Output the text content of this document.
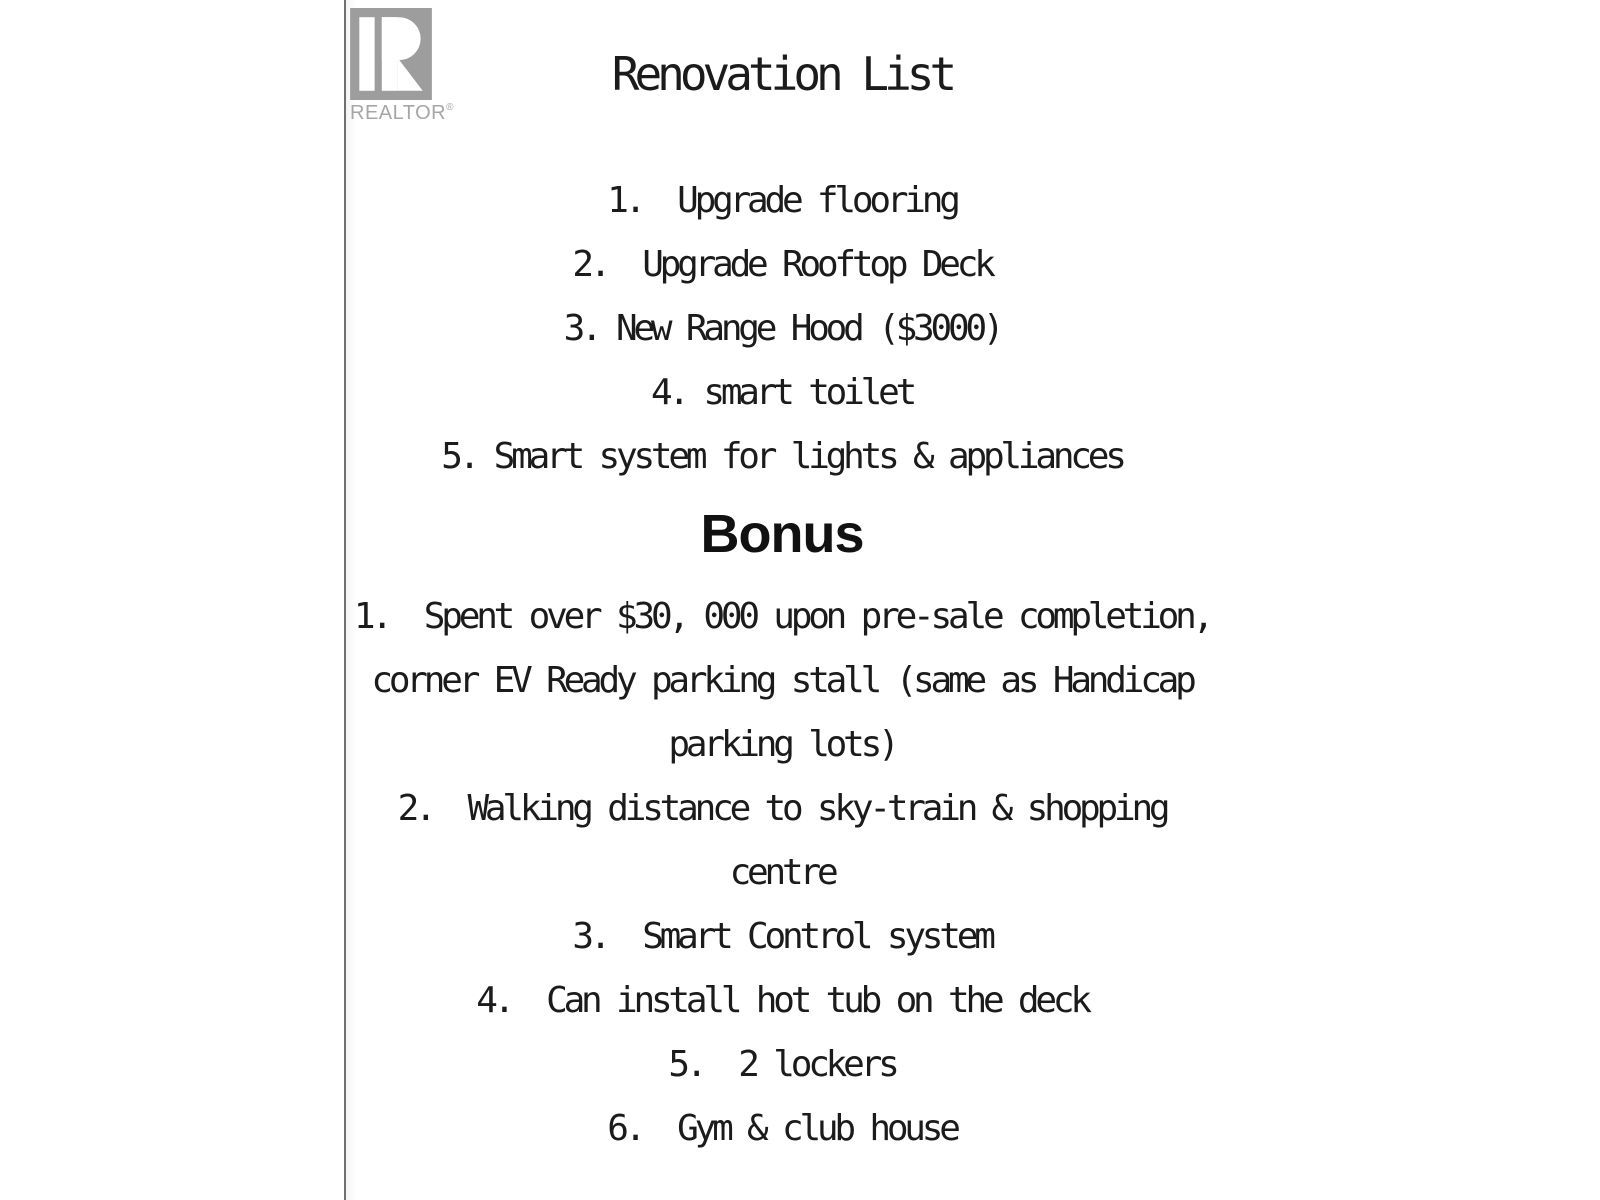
REALTOR®
Renovation List
1.  Upgrade flooring
2.  Upgrade Rooftop Deck
3. New Range Hood ($3000)
4. smart toilet
5. Smart system for lights & appliances
Bonus
1.  Spent over $30, 000 upon pre-sale completion,
corner EV Ready parking stall (same as Handicap
parking lots)
2.  Walking distance to sky-train & shopping
centre
3.  Smart Control system
4.  Can install hot tub on the deck
5.  2 lockers
6.  Gym & club house
